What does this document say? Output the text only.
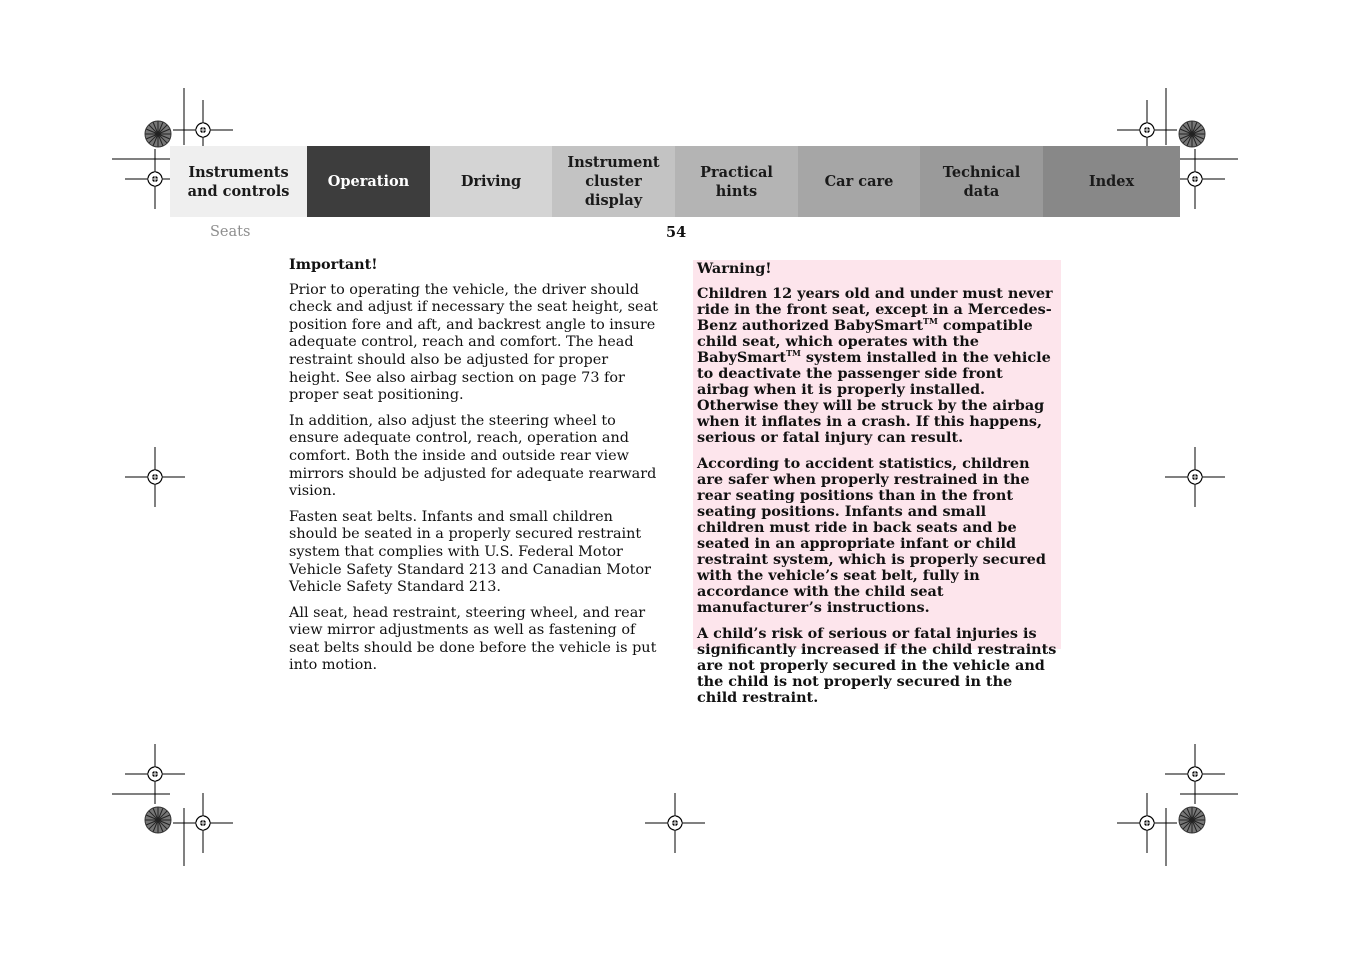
Instruments
and controls
Operation	Driving
Instrument
cluster display
Practical hints
Car care
Technical
data
Index
Seats	54
Important!

Prior to operating the vehicle, the driver should check and adjust if necessary the seat height, seat position fore and aft, and backrest angle to insure adequate control, reach and comfort. The head restraint should also be adjusted for proper height. See also airbag section on page 73 for proper seat positioning.

In addition, also adjust the steering wheel to ensure adequate control, reach, operation and comfort. Both the inside and outside rear view mirrors should be adjusted for adequate rearward vision.

Fasten seat belts. Infants and small children should be seated in a properly secured restraint system that complies with U.S. Federal Motor Vehicle Safety Standard 213 and Canadian Motor Vehicle Safety Standard 213.

All seat, head restraint, steering wheel, and rear view mirror adjustments as well as fastening of seat belts should be done before the vehicle is put into motion.

Warning!

Children 12 years old and under must never ride in the front seat, except in a Mercedes-Benz authorized BabySmart™ compatible child seat, which operates with the BabySmart™ system installed in the vehicle to deactivate the passenger side front airbag when it is properly installed. Otherwise they will be struck by the airbag when it inflates in a crash. If this happens, serious or fatal injury can result.

According to accident statistics, children are safer when properly restrained in the rear seating positions than in the front seating positions. Infants and small children must ride in back seats and be seated in an appropriate infant or child restraint system, which is properly secured with the vehicle’s seat belt, fully in accordance with the child seat manufacturer’s instructions.

A child’s risk of serious or fatal injuries is significantly increased if the child restraints are not properly secured in the vehicle and the child is not properly secured in the child restraint.
